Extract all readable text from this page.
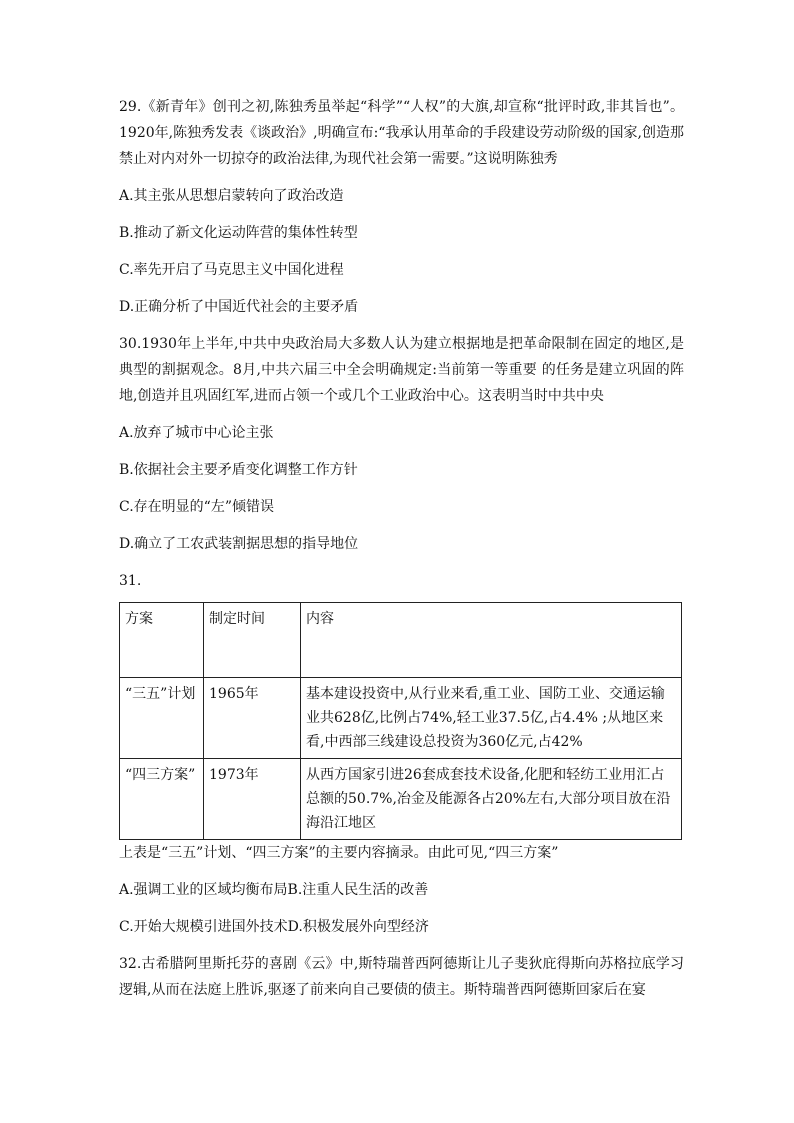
29.《新青年》创刊之初,陈独秀虽举起“科学”“人权”的大旗,却宣称“批评时政,非其旨也”。1920年,陈独秀发表《谈政治》,明确宣布:“我承认用革命的手段建设劳动阶级的国家,创造那禁止对内对外一切掠夺的政治法律,为现代社会第一需要。”这说明陈独秀

A.其主张从思想启蒙转向了政治改造

B.推动了新文化运动阵营的集体性转型

C.率先开启了马克思主义中国化进程

D.正确分析了中国近代社会的主要矛盾

30.1930年上半年,中共中央政治局大多数人认为建立根据地是把革命限制在固定的地区,是典型的割据观念。8月,中共六届三中全会明确规定:当前第一等重要 的任务是建立巩固的阵地,创造并且巩固红军,进而占领一个或几个工业政治中心。这表明当时中共中央

A.放弃了城市中心论主张

B.依据社会主要矛盾变化调整工作方针

C.存在明显的“左”倾错误

D.确立了工农武装割据思想的指导地位

31.

方案	制定时间	内容
“三五”计划	1965年	基本建设投资中,从行业来看,重工业、国防工业、交通运输业共628亿,比例占74%,轻工业37.5亿,占4.4% ;从地区来看,中西部三线建设总投资为360亿元,占42%
“四三方案”	1973年	从西方国家引进26套成套技术设备,化肥和轻纺工业用汇占总额的50.7%,冶金及能源各占20%左右,大部分项目放在沿海沿江地区

上表是“三五”计划、“四三方案”的主要内容摘录。由此可见,“四三方案”

A.强调工业的区域均衡布局B.注重人民生活的改善

C.开始大规模引进国外技术D.积极发展外向型经济

32.古希腊阿里斯托芬的喜剧《云》中,斯特瑞普西阿德斯让儿子斐狄庇得斯向苏格拉底学习逻辑,从而在法庭上胜诉,驱逐了前来向自己要债的债主。斯特瑞普西阿德斯回家后在宴
